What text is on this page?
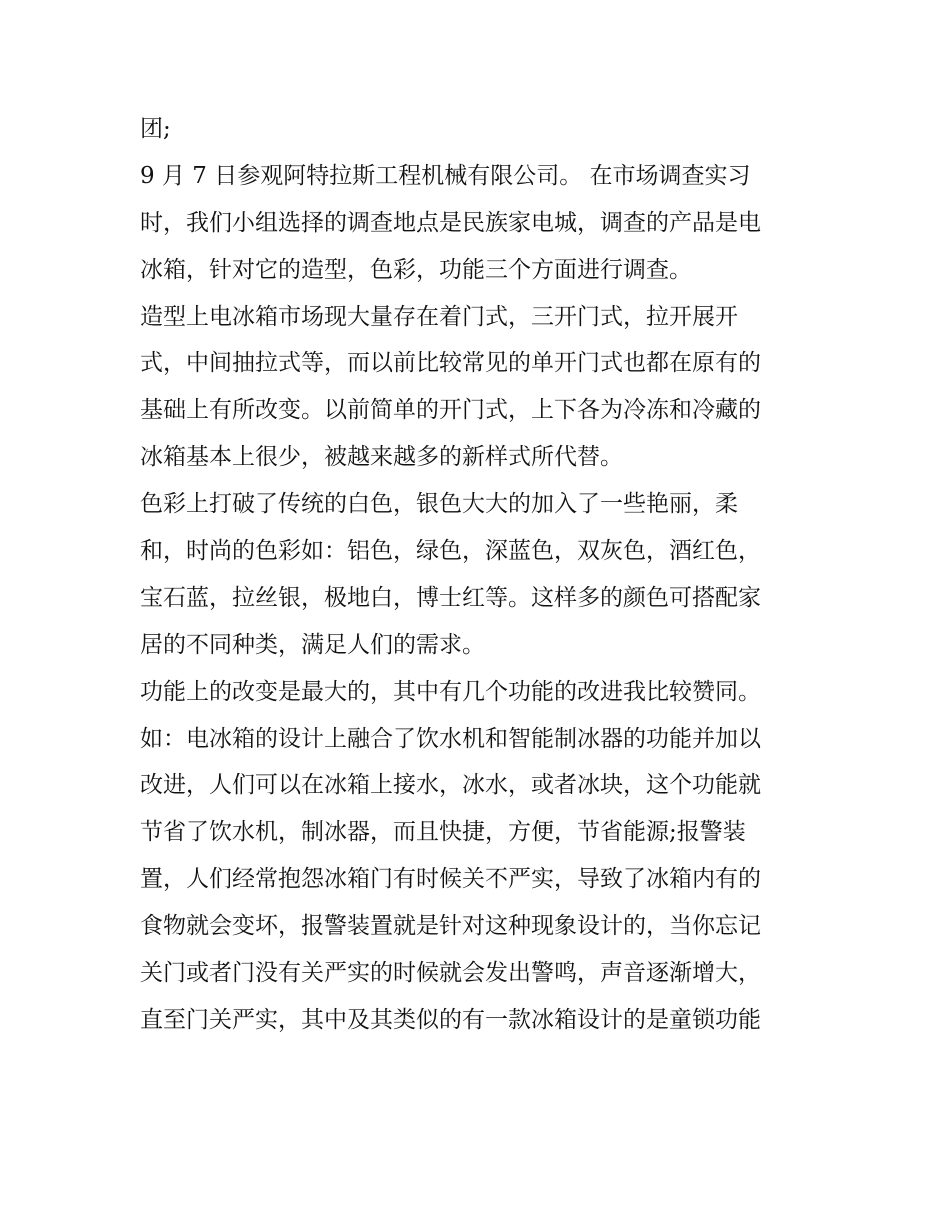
团;
9 月 7 日参观阿特拉斯工程机械有限公司。 在市场调查实习
时，我们小组选择的调查地点是民族家电城，调查的产品是电
冰箱，针对它的造型，色彩，功能三个方面进行调查。
造型上电冰箱市场现大量存在着门式，三开门式，拉开展开
式，中间抽拉式等，而以前比较常见的单开门式也都在原有的
基础上有所改变。以前简单的开门式，上下各为冷冻和冷藏的
冰箱基本上很少，被越来越多的新样式所代替。
色彩上打破了传统的白色，银色大大的加入了一些艳丽，柔
和，时尚的色彩如：铝色，绿色，深蓝色，双灰色，酒红色，
宝石蓝，拉丝银，极地白，博士红等。这样多的颜色可搭配家
居的不同种类，满足人们的需求。
功能上的改变是最大的，其中有几个功能的改进我比较赞同。
如：电冰箱的设计上融合了饮水机和智能制冰器的功能并加以
改进，人们可以在冰箱上接水，冰水，或者冰块，这个功能就
节省了饮水机，制冰器，而且快捷，方便，节省能源;报警装
置，人们经常抱怨冰箱门有时候关不严实，导致了冰箱内有的
食物就会变坏，报警装置就是针对这种现象设计的，当你忘记
关门或者门没有关严实的时候就会发出警鸣，声音逐渐增大，
直至门关严实，其中及其类似的有一款冰箱设计的是童锁功能
